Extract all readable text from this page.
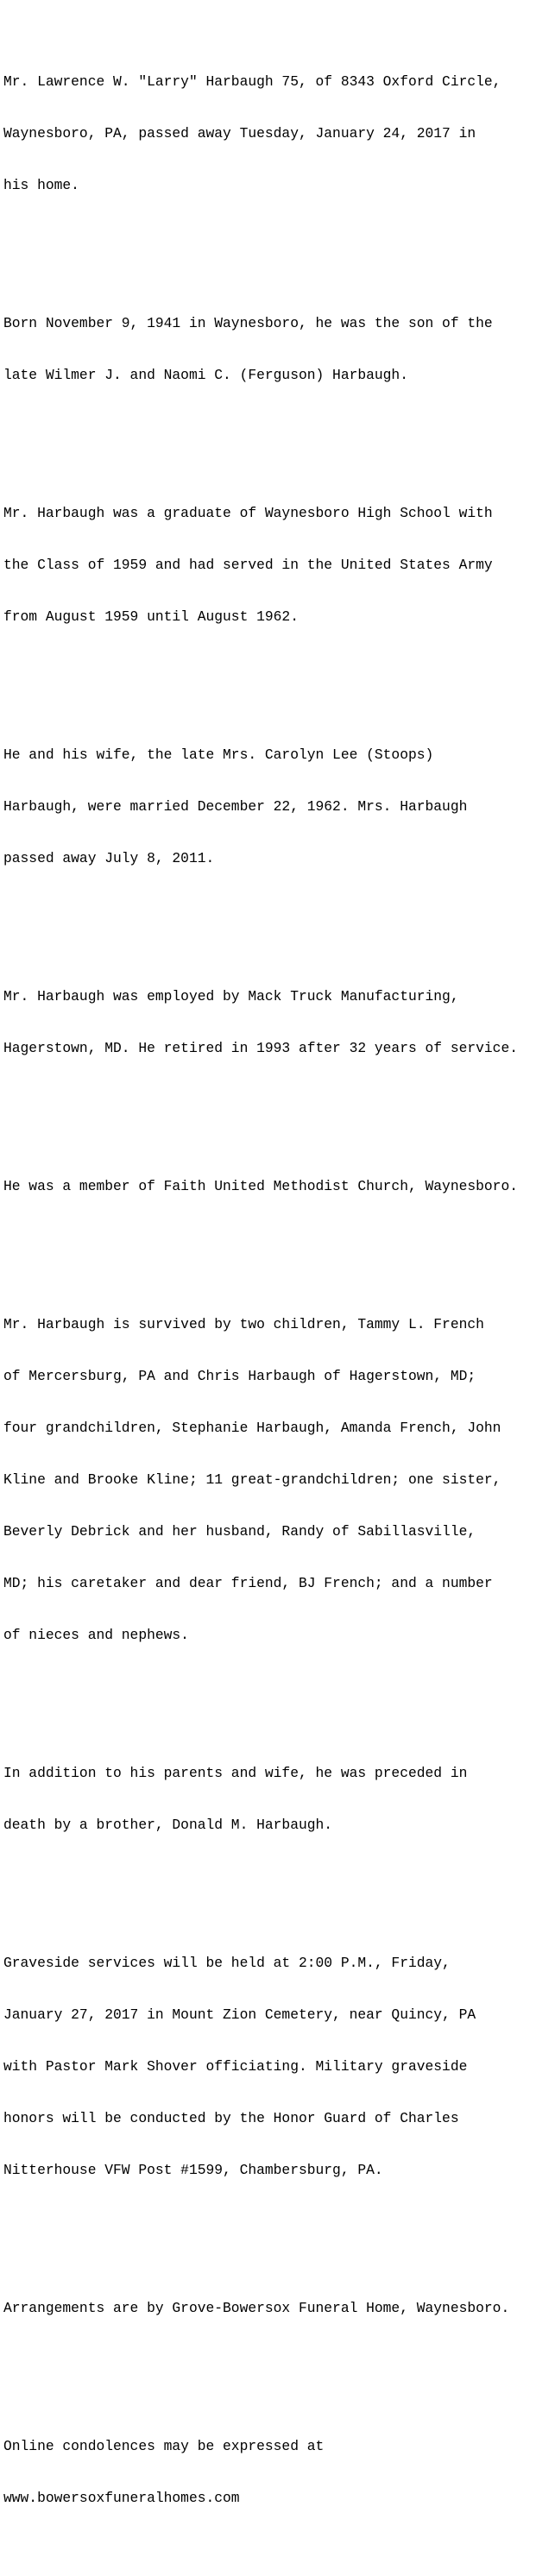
Mr. Lawrence W. "Larry" Harbaugh 75, of 8343 Oxford Circle,

Waynesboro, PA, passed away Tuesday, January 24, 2017 in

his home.

Born November 9, 1941 in Waynesboro, he was the son of the

late Wilmer J. and Naomi C. (Ferguson) Harbaugh.

Mr. Harbaugh was a graduate of Waynesboro High School with

the Class of 1959 and had served in the United States Army

from August 1959 until August 1962.

He and his wife, the late Mrs. Carolyn Lee (Stoops)

Harbaugh, were married December 22, 1962. Mrs. Harbaugh

passed away July 8, 2011.

Mr. Harbaugh was employed by Mack Truck Manufacturing,

Hagerstown, MD. He retired in 1993 after 32 years of service.

He was a member of Faith United Methodist Church, Waynesboro.

Mr. Harbaugh is survived by two children, Tammy L. French

of Mercersburg, PA and Chris Harbaugh of Hagerstown, MD;

four grandchildren, Stephanie Harbaugh, Amanda French, John

Kline and Brooke Kline; 11 great-grandchildren; one sister,

Beverly Debrick and her husband, Randy of Sabillasville,

MD; his caretaker and dear friend, BJ French; and a number

of nieces and nephews.

In addition to his parents and wife, he was preceded in

death by a brother, Donald M. Harbaugh.

Graveside services will be held at 2:00 P.M., Friday,

January 27, 2017 in Mount Zion Cemetery, near Quincy, PA

with Pastor Mark Shover officiating. Military graveside

honors will be conducted by the Honor Guard of Charles

Nitterhouse VFW Post #1599, Chambersburg, PA.

Arrangements are by Grove-Bowersox Funeral Home, Waynesboro.

Online condolences may be expressed at

www.bowersoxfuneralhomes.com
